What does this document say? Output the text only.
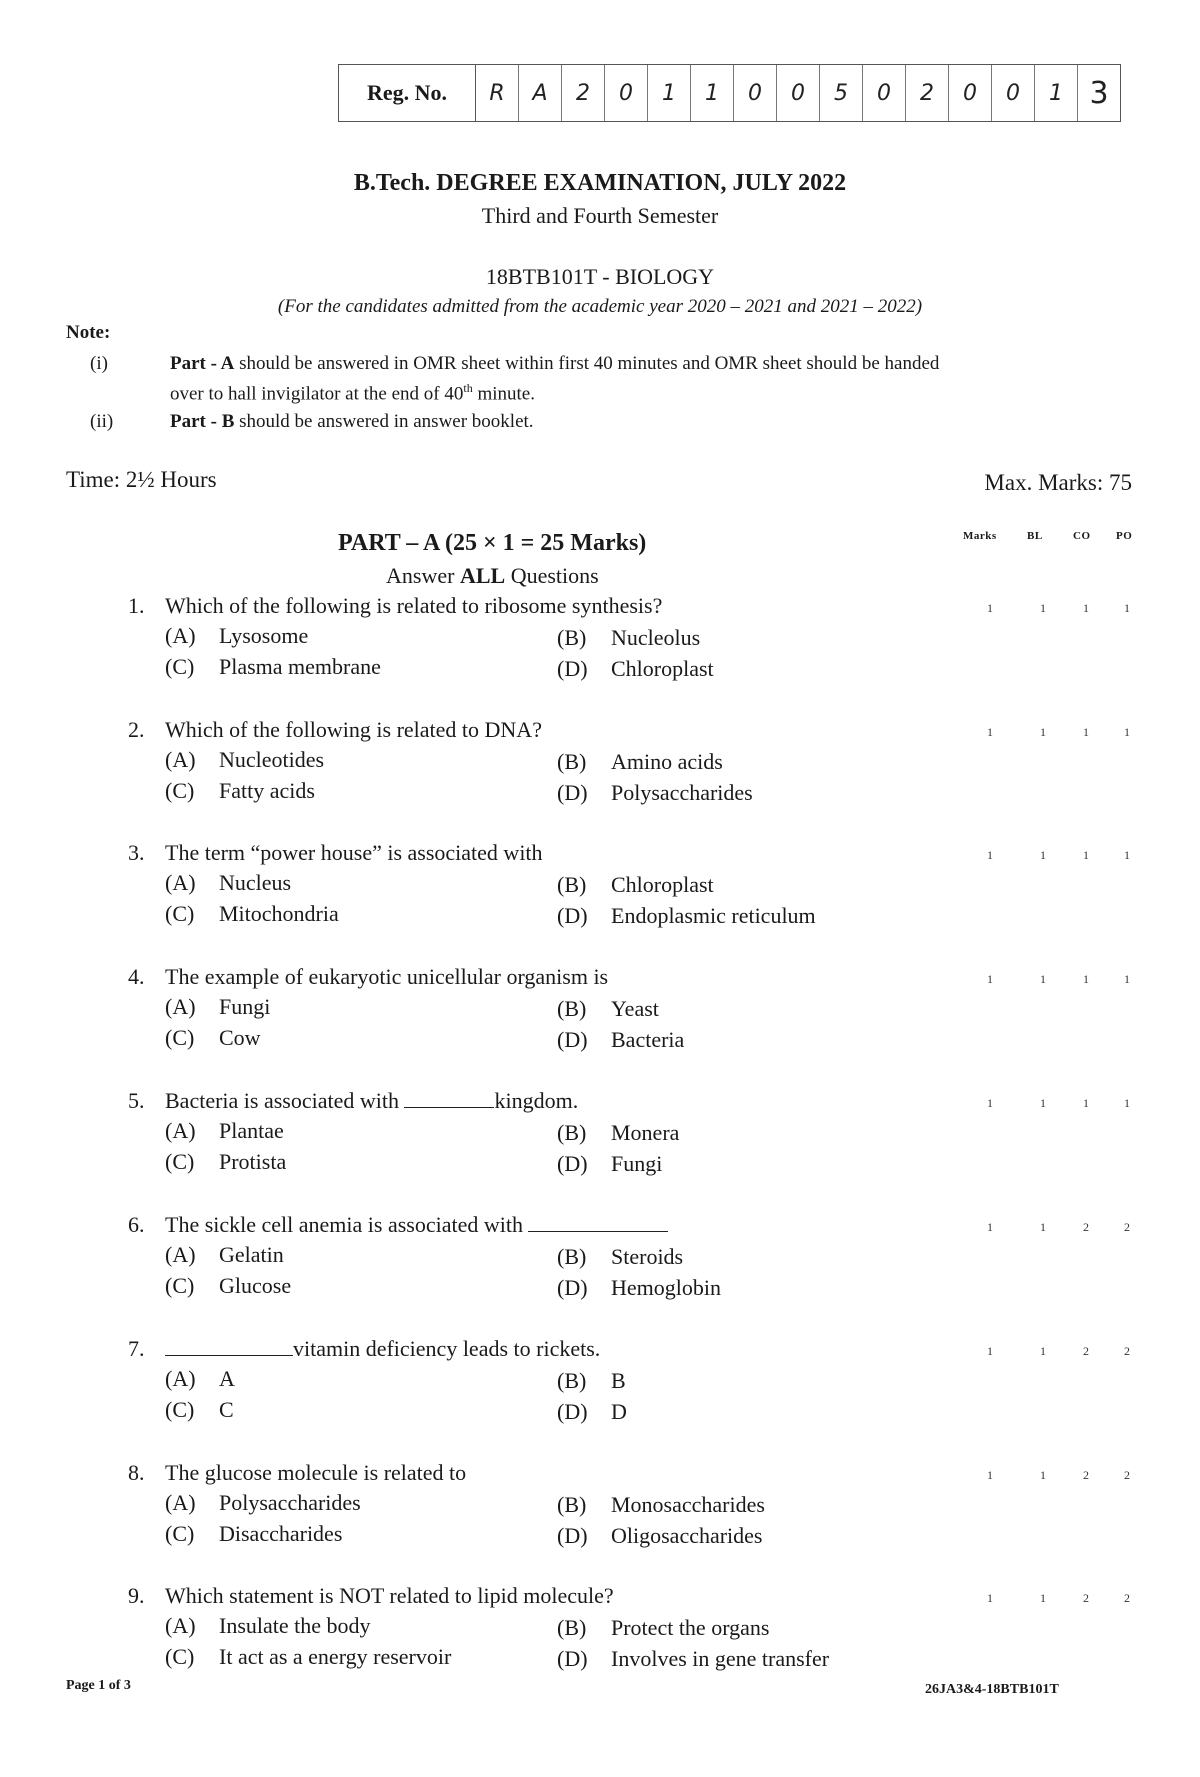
Reg. No.	R	A	2	0	1	1	0	0	5	0	2	0	0	1 3
B.Tech. DEGREE EXAMINATION, JULY 2022
Third and Fourth Semester
18BTB101T - BIOLOGY
(For the candidates admitted from the academic year 2020 – 2021 and 2021 – 2022)
Note:
(i)	Part - A should be answered in OMR sheet within first 40 minutes and OMR sheet should be handed
over to hall invigilator at the end of 40th minute.
(ii)	Part - B should be answered in answer booklet.
Time: 2½ Hours	Max. Marks: 75
PART – A (25 × 1 = 25 Marks)
Answer ALL Questions
Marks	BL	CO PO
1. Which of the following is related to ribosome synthesis?
(A) Lysosome	(B) Nucleolus
(C) Plasma membrane	(D) Chloroplast
1	1	1	1
2. Which of the following is related to DNA?
(A) Nucleotides	(B) Amino acids
(C) Fatty acids	(D) Polysaccharides
1	1	1	1
3. The term “power house” is associated with
(A) Nucleus	(B) Chloroplast
(C) Mitochondria	(D) Endoplasmic reticulum
1	1	1	1
4. The example of eukaryotic unicellular organism is
(A) Fungi	(B) Yeast
(C) Cow	(D) Bacteria
1	1	1	1
5. Bacteria is associated with	kingdom.
(A) Plantae	(B) Monera
(C) Protista	(D) Fungi
1	1	1	1
6. The sickle cell anemia is associated with
(A) Gelatin	(B) Steroids
(C) Glucose	(D) Hemoglobin
1	1	2	2
7.	vitamin deficiency leads to rickets.
(A) A	(B) B
(C) C	(D) D
1	1	2	2
8. The glucose molecule is related to
(A) Polysaccharides	(B) Monosaccharides
(C) Disaccharides	(D) Oligosaccharides
1	1	2	2
9. Which statement is NOT related to lipid molecule?
(A) Insulate the body	(B) Protect the organs
(C) It act as a energy reservoir	(D) Involves in gene transfer
1	1	2	2
Page 1 of 3	26JA3&4-18BTB101T
